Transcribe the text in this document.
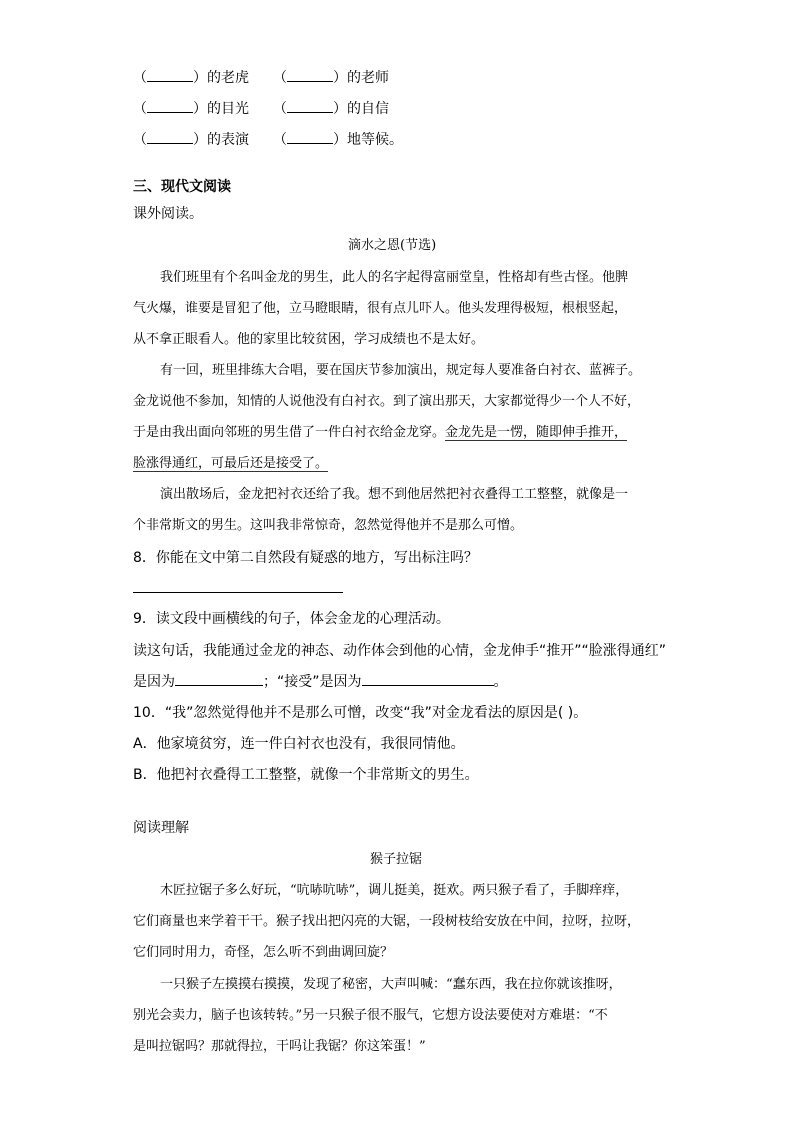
（	）的老虎 （	）的老师
（	）的目光 （	）的自信
（	）的表演 （	）地等候。
三、现代文阅读
课外阅读。
滴水之恩(节选)
我们班里有个名叫金龙的男生，此人的名字起得富丽堂皇，性格却有些古怪。他脾
气火爆，谁要是冒犯了他，立马瞪眼睛，很有点儿吓人。他头发理得极短，根根竖起，
从不拿正眼看人。他的家里比较贫困，学习成绩也不是太好。
有一回，班里排练大合唱，要在国庆节参加演出，规定每人要准备白衬衣、蓝裤子。
金龙说他不参加，知情的人说他没有白衬衣。到了演出那天，大家都觉得少一个人不好，
于是由我出面向邻班的男生借了一件白衬衣给金龙穿。金龙先是一愣，随即伸手推开，
脸涨得通红，可最后还是接受了。
演出散场后，金龙把衬衣还给了我。想不到他居然把衬衣叠得工工整整，就像是一
个非常斯文的男生。这叫我非常惊奇，忽然觉得他并不是那么可憎。
8．你能在文中第二自然段有疑惑的地方，写出标注吗？
9．读文段中画横线的句子，体会金龙的心理活动。
读这句话，我能通过金龙的神态、动作体会到他的心情，金龙伸手“推开”“脸涨得通红”
是因为	；“接受”是因为	。
10．“我”忽然觉得他并不是那么可憎，改变“我”对金龙看法的原因是( )。
A．他家境贫穷，连一件白衬衣也没有，我很同情他。
B．他把衬衣叠得工工整整，就像一个非常斯文的男生。
阅读理解
猴子拉锯
木匠拉锯子多么好玩，“吭哧吭哧”，调儿挺美，挺欢。两只猴子看了，手脚痒痒，
它们商量也来学着干干。猴子找出把闪亮的大锯，一段树枝给安放在中间，拉呀，拉呀，
它们同时用力，奇怪，怎么听不到曲调回旋？
一只猴子左摸摸右摸摸，发现了秘密，大声叫喊：“蠢东西，我在拉你就该推呀，
别光会卖力，脑子也该转转。”另一只猴子很不服气，它想方设法要使对方难堪：“不
是叫拉锯吗？那就得拉，干吗让我锯？你这笨蛋！”
